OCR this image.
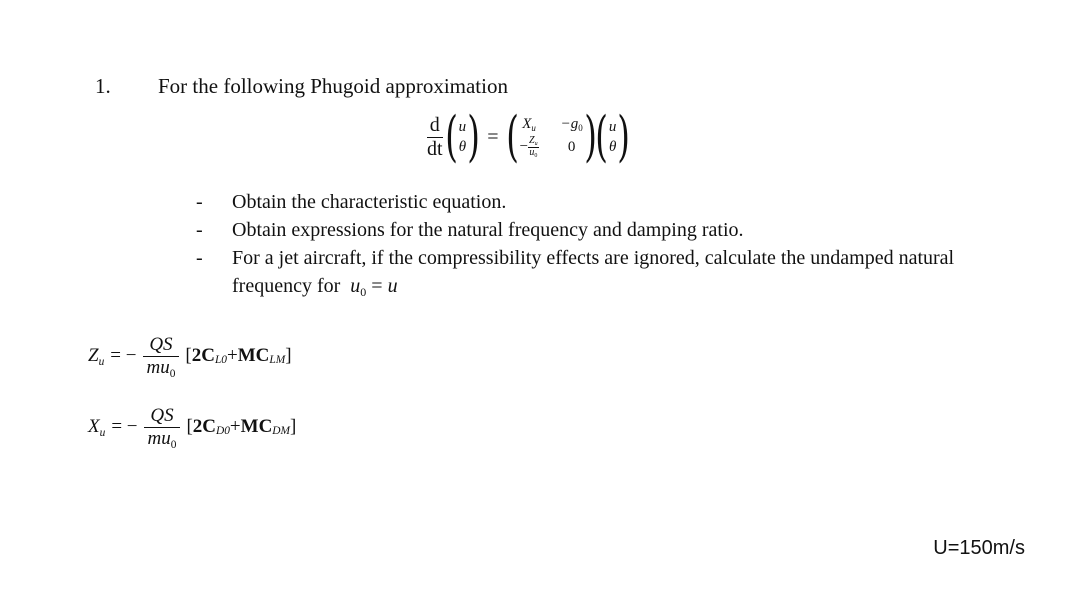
1. For the following Phugoid approximation
$\frac{d}{dt}$ ( u
θ ) = ( $X_u -g_0$
− $\frac{Z_u}{u_0} 0$ )
( u
θ )
-	Obtain the characteristic equation.
-	Obtain expressions for the natural frequency and damping ratio.
-	For a jet aircraft, if the compressibility effects are ignored, calculate the undamped natural frequency for $u_0 = u$
$Z_u$ =
− $\frac{QS}{mu_0}$ [ 2C L0 + MC LM ]
$X_u$ =
− $\frac{QS}{mu_0}$ [ 2C D0 + MC DM ]
U=150m/s
